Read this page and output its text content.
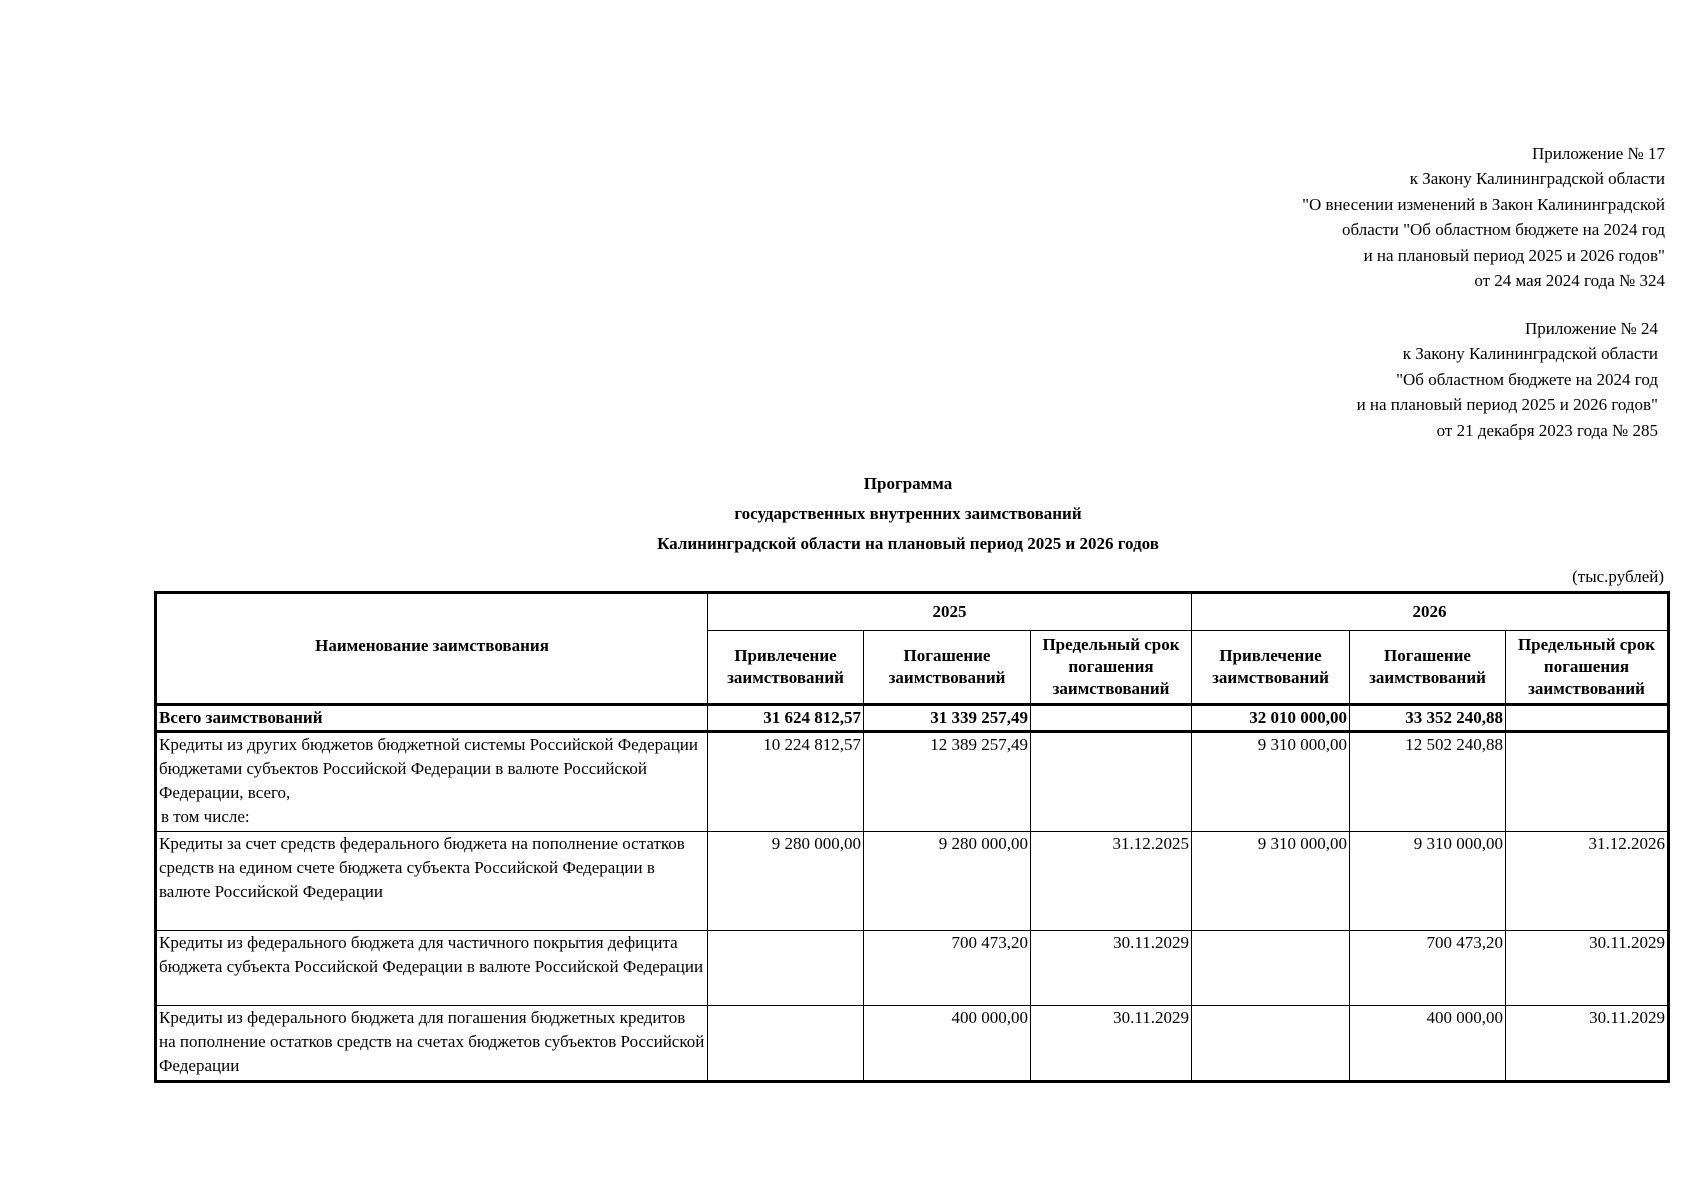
Приложение № 17
к Закону Калининградской области
"О внесении изменений в Закон Калининградской
области "Об областном бюджете на 2024 год
и на плановый период 2025 и 2026 годов"
от 24 мая 2024 года № 324
Приложение № 24
к Закону Калининградской области
"Об областном бюджете на 2024 год
и на плановый период 2025 и 2026 годов"
от 21 декабря 2023 года № 285
Программа
государственных внутренних заимствований
Калининградской области на плановый период 2025 и 2026 годов
(тыс.рублей)
Наименование заимствования	2025			2026		
	Привлечение заимствований	Погашение заимствований	Предельный срок погашения заимствований	Привлечение заимствований	Погашение заимствований	Предельный срок погашения заимствований
Всего заимствований	31 624 812,57	31 339 257,49		32 010 000,00	33 352 240,88	

Кредиты из других бюджетов бюджетной системы Российской Федерации бюджетами субъектов Российской Федерации в валюте Российской Федерации, всего,
в том числе:	10 224 812,57	12 389 257,49		9 310 000,00	12 502 240,88	
Кредиты за счет средств федерального бюджета на пополнение остатков средств на едином счете бюджета субъекта Российской Федерации в валюте Российской Федерации	9 280 000,00	9 280 000,00	31.12.2025	9 310 000,00	9 310 000,00	31.12.2026
Кредиты из федерального бюджета для частичного покрытия дефицита бюджета субъекта Российской Федерации в валюте Российской Федерации		700 473,20	30.11.2029		700 473,20	30.11.2029
Кредиты из федерального бюджета для погашения бюджетных кредитов на пополнение остатков средств на счетах бюджетов субъектов Российской Федерации		400 000,00	30.11.2029		400 000,00	30.11.2029
